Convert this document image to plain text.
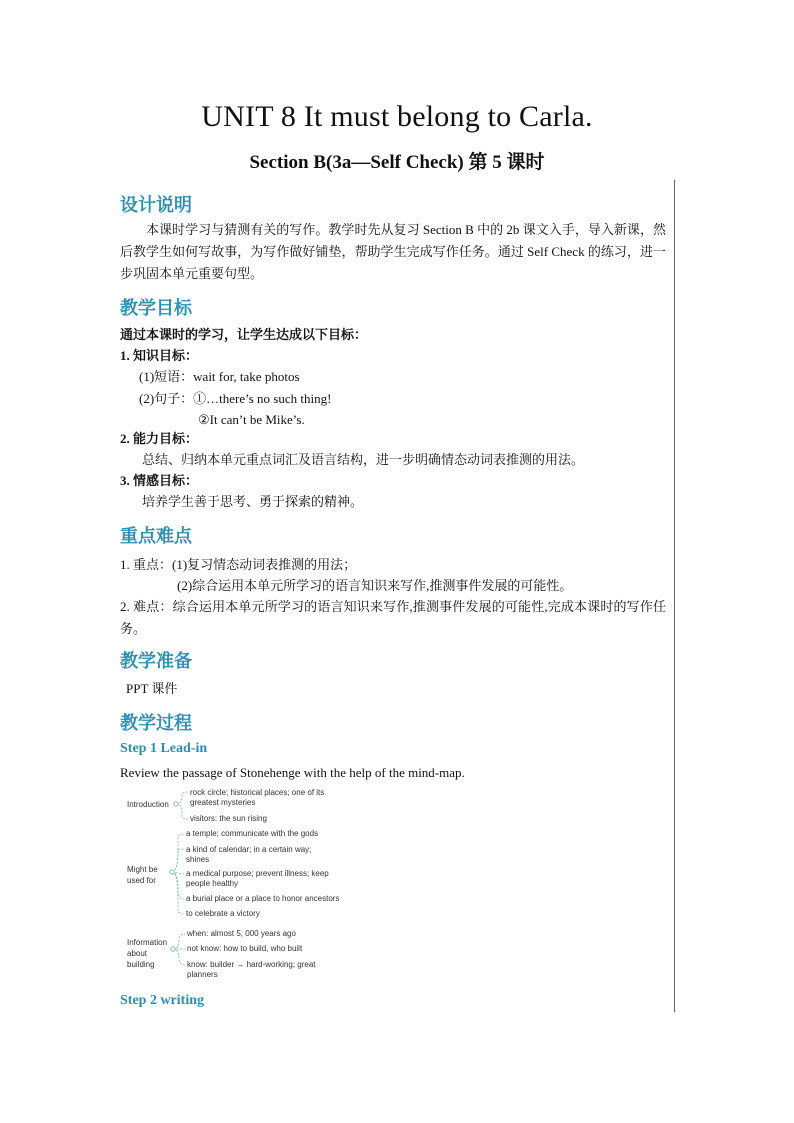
UNIT 8 It must belong to Carla.
Section B(3a—Self Check) 第 5 课时
设计说明
本课时学习与猜测有关的写作。教学时先从复习 Section B 中的 2b 课文入手，导入新课，然后教学生如何写故事，为写作做好铺垫，帮助学生完成写作任务。通过 Self Check 的练习，进一步巩固本单元重要句型。
教学目标
通过本课时的学习，让学生达成以下目标：
1. 知识目标：
(1)短语：wait for, take photos
(2)句子：①…there’s no such thing!
②It can’t be Mike’s.
2. 能力目标：
总结、归纳本单元重点词汇及语言结构，进一步明确情态动词表推测的用法。
3. 情感目标：
培养学生善于思考、勇于探索的精神。
重点难点
1. 重点：(1)复习情态动词表推测的用法；
(2)综合运用本单元所学习的语言知识来写作,推测事件发展的可能性。
2. 难点：综合运用本单元所学习的语言知识来写作,推测事件发展的可能性,完成本课时的写作任务。
教学准备
PPT 课件
教学过程
Step 1 Lead-in
Review the passage of Stonehenge with the help of the mind-map.
Introduction
rock circle; historical places; one of its greatest mysteries
visitors: the sun rising
Might be used for
a temple; communicate with the gods
a kind of calendar; in a certain way; shines
a medical purpose; prevent illness; keep people healthy
a burial place or a place to honor ancestors
to celebrate a victory
Information about building
when: almost 5, 000 years ago
not know: how to build, who built
know: builder → hard-working; great planners
Step 2 writing
